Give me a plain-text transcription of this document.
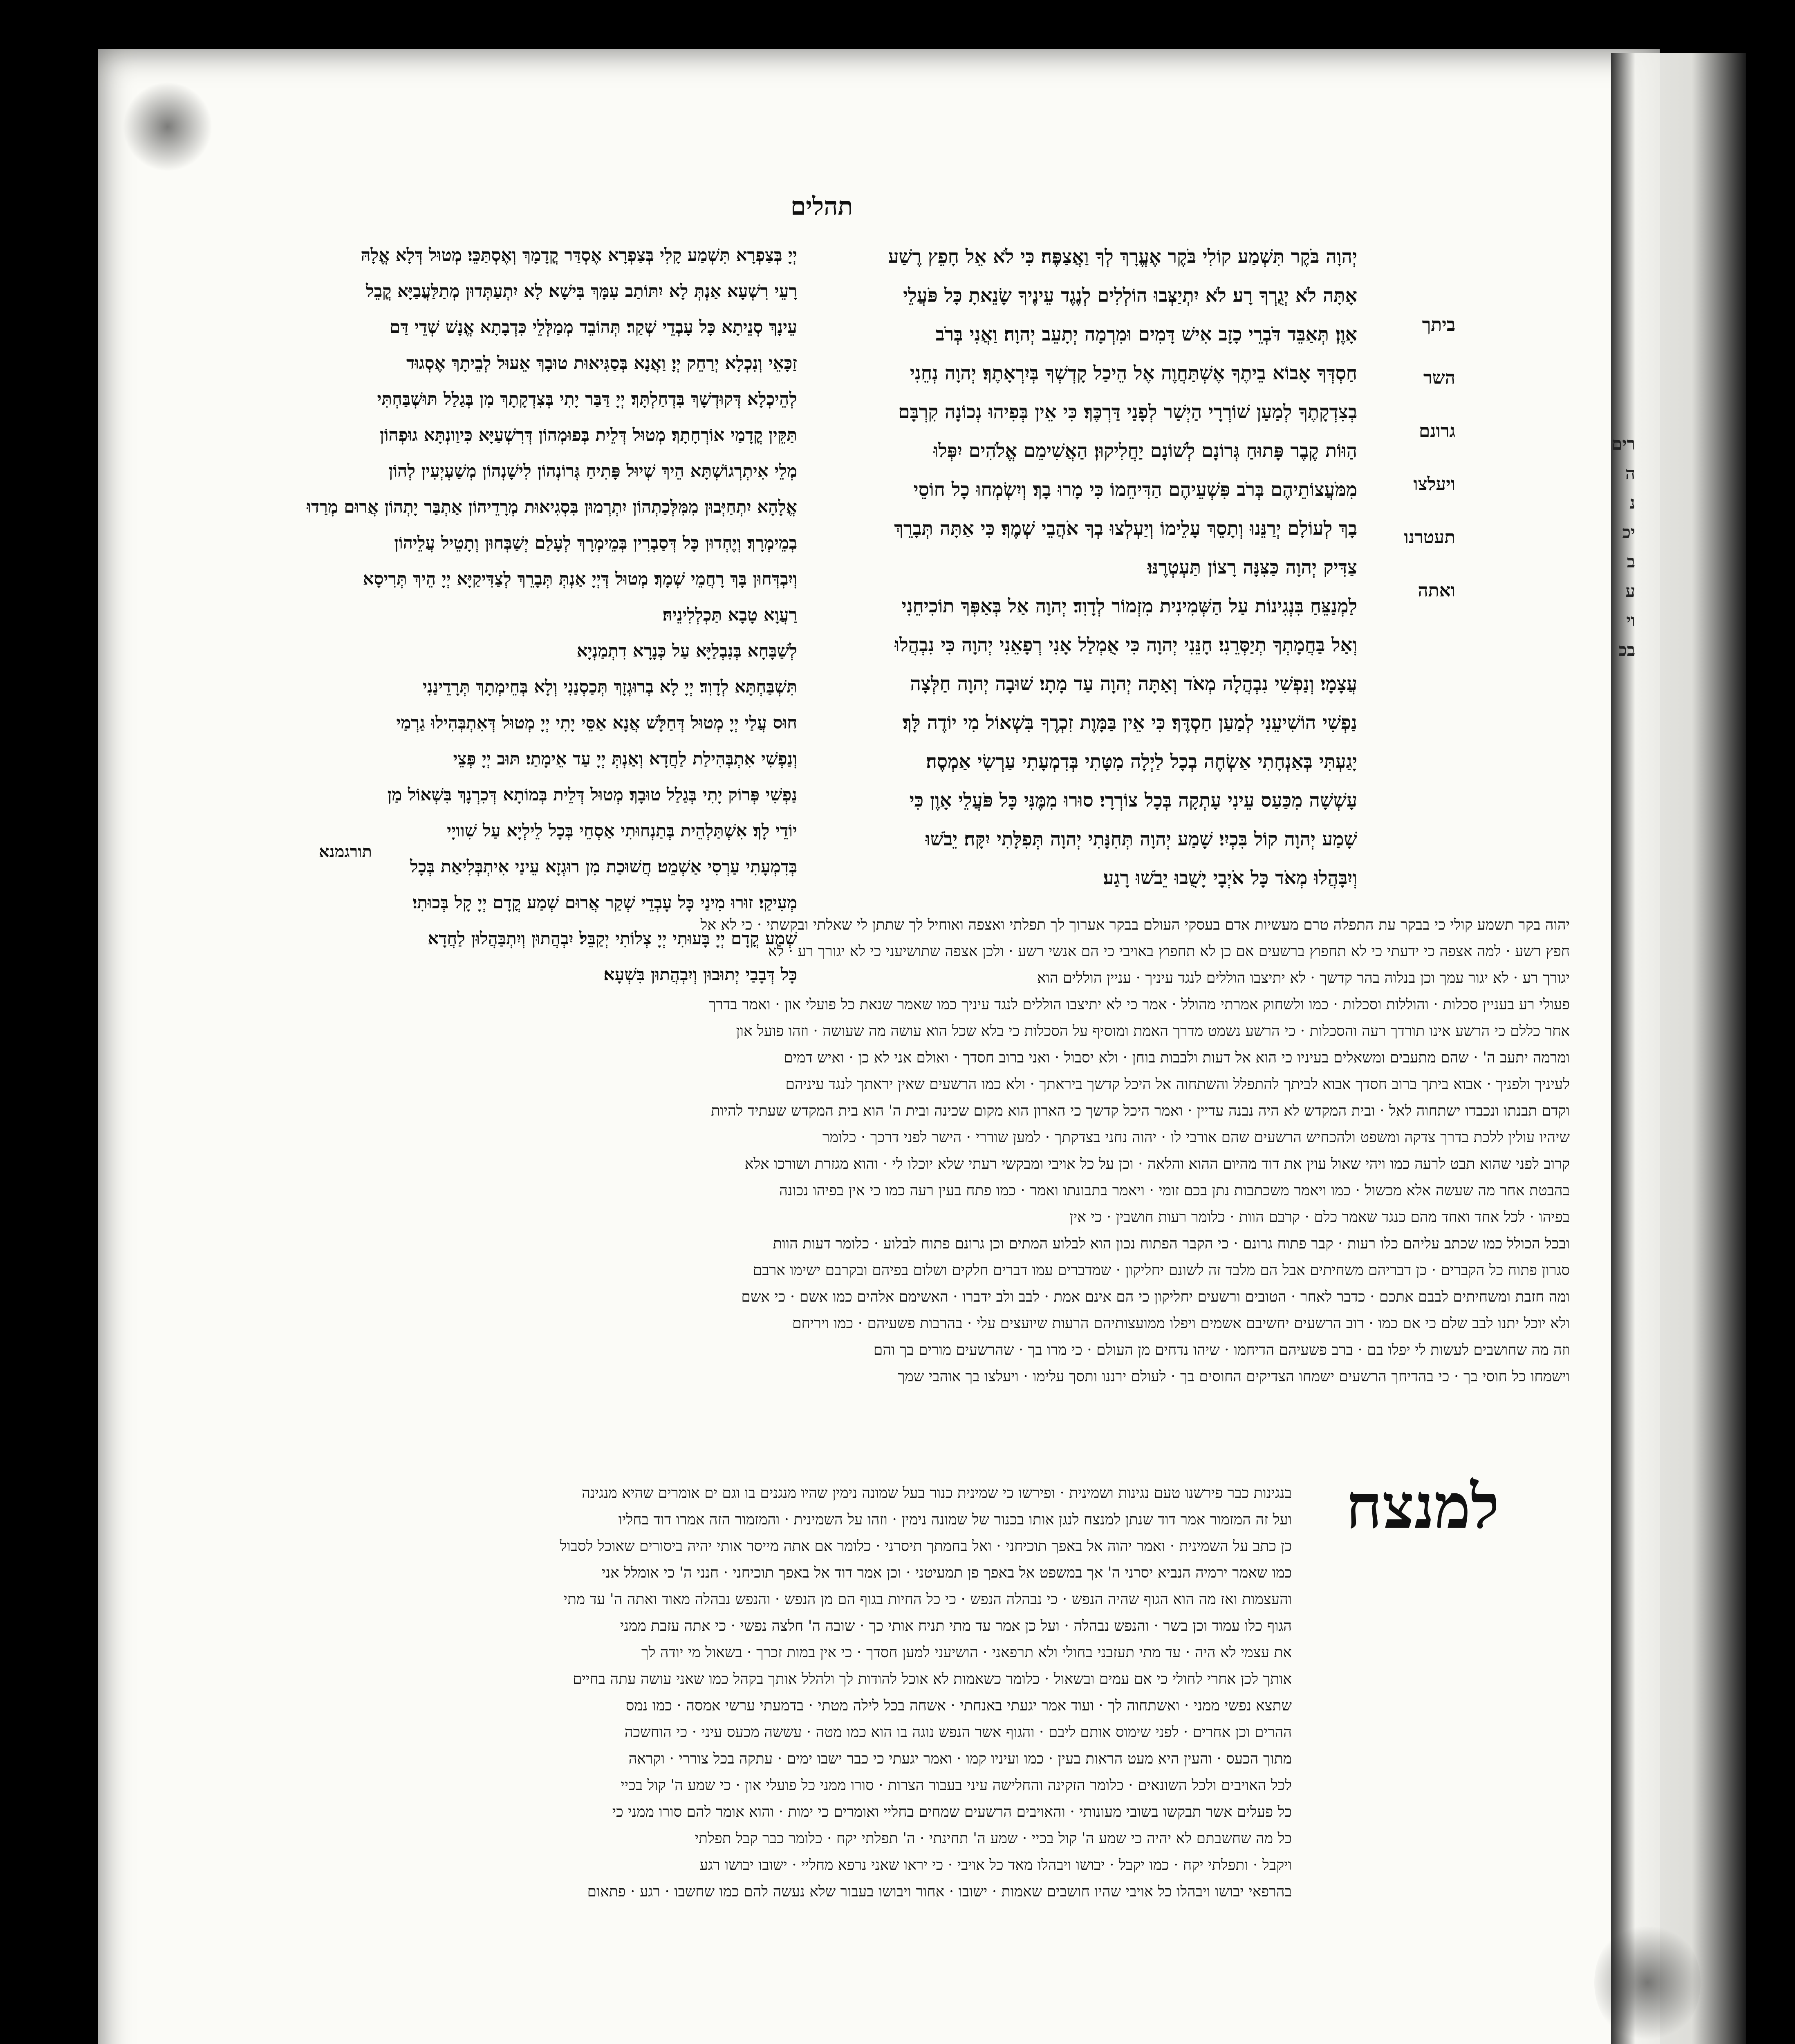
תהלים
יְהוָה בֹּקֶר תִּשְׁמַע קוֹלִי בֹּקֶר אֶעֱרָךְ לְךָ וַאֲצַפֶּה׃ כִּי לֹא אֵל חָפֵץ רֶשַׁע
אָתָּה לֹא יְגֻרְךָ רָע׃ לֹא יִתְיַצְּבוּ הוֹלְלִים לְנֶגֶד עֵינֶיךָ שָׂנֵאתָ כָּל פֹּעֲלֵי
אָוֶן׃ תְּאַבֵּד דֹּבְרֵי כָזָב אִישׁ דָּמִים וּמִרְמָה יְתָעֵב יְהוָה׃ וַאֲנִי בְּרֹב
חַסְדְּךָ אָבוֹא בֵיתֶךָ אֶשְׁתַּחֲוֶה אֶל הֵיכַל קָדְשְׁךָ בְּיִרְאָתֶךָ׃ יְהוָה נְחֵנִי
בְצִדְקָתֶךָ לְמַעַן שׁוֹרְרָי הַיְשַׁר לְפָנַי דַּרְכֶּךָ׃ כִּי אֵין בְּפִיהוּ נְכוֹנָה קִרְבָּם
הַוּוֹת קֶבֶר פָּתוּחַ גְּרוֹנָם לְשׁוֹנָם יַחֲלִיקוּן׃ הַאֲשִׁימֵם אֱלֹהִים יִפְּלוּ
מִמֹּעֲצוֹתֵיהֶם בְּרֹב פִּשְׁעֵיהֶם הַדִּיחֵמוֹ כִּי מָרוּ בָךְ׃ וְיִשְׂמְחוּ כָל חוֹסֵי
בָךְ לְעוֹלָם יְרַנֵּנוּ וְתָסֵךְ עָלֵימוֹ וְיַעְלְצוּ בְךָ אֹהֲבֵי שְׁמֶךָ׃ כִּי אַתָּה תְּבָרֵךְ
צַדִּיק יְהוָה כַּצִּנָּה רָצוֹן תַּעְטְרֶנּוּ׃
לַמְנַצֵּחַ בִּנְגִינוֹת עַל הַשְּׁמִינִית מִזְמוֹר לְדָוִד׃ יְהוָה אַל בְּאַפְּךָ תוֹכִיחֵנִי
וְאַל בַּחֲמָתְךָ תְיַסְּרֵנִי׃ חָנֵּנִי יְהוָה כִּי אֻמְלַל אָנִי רְפָאֵנִי יְהוָה כִּי נִבְהֲלוּ
עֲצָמָי׃ וְנַפְשִׁי נִבְהֲלָה מְאֹד וְאַתָּה יְהוָה עַד מָתָי׃ שׁוּבָה יְהוָה חַלְּצָה
נַפְשִׁי הוֹשִׁיעֵנִי לְמַעַן חַסְדֶּךָ׃ כִּי אֵין בַּמָּוֶת זִכְרֶךָ בִּשְׁאוֹל מִי יוֹדֶה לָּךְ׃
יָגַעְתִּי בְּאַנְחָתִי אַשְׂחֶה בְכָל לַיְלָה מִטָּתִי בְּדִמְעָתִי עַרְשִׂי אַמְסֶה׃
עָשְׁשָׁה מִכַּעַס עֵינִי עָתְקָה בְּכָל צוֹרְרָי׃ סוּרוּ מִמֶּנִּי כָּל פֹּעֲלֵי אָוֶן כִּי
שָׁמַע יְהוָה קוֹל בִּכְיִי׃ שָׁמַע יְהוָה תְּחִנָּתִי יְהוָה תְּפִלָּתִי יִקָּח׃ יֵבֹשׁוּ
וְיִבָּהֲלוּ מְאֹד כָּל אֹיְבָי יָשֻׁבוּ יֵבֹשׁוּ רָגַע׃
יְיָ בְּצַפְרָא תִּשְׁמַע קָלִי בְּצַפְרָא אֶסְדַּר קֳדָמָךְ וְאֶסְתַּכֵּי׃ מְטוּל דְּלָא אֱלָהּ
רָעֵי רִשְׁעָא אַנְתְּ לָא יִתּוֹתַב עִמָּךְ בִּישָׁא׃ לָא יִתְעַתְּדוּן מְתַלַּעֲבַיָּא קֳבֵל
עֵינָךְ סְנֵיתָא כָּל עָבְדֵי שְׁקַר׃ תְּהוֹבֵד מְמַלְּלֵי כִּדְבָתָא אֱנָשׁ שְׁדֵי דַּם
זַכָּאֵי וְנִכְלָא יְרַחֵק יְיָ׃ וַאֲנָא בְּסַגִּיאוּת טוּבָךְ אֵעוּל לְבֵיתָךְ אֶסְגוּד
לְהֵיכְלָא דְּקוּדְשָׁךְ בִּדְחַלְתָּךְ׃ יְיָ דַּבַּר יָתִי בְּצִדְקָתָךְ מִן בְּגַלַל תּוּשְׁבַּחְתִּי
תַּקֵּין קֳדָמַי אוֹרְחָתָךְ׃ מְטוּל דְּלֵית בְּפוּמְהוֹן דְּרִשְׁעַיָּא כִּיוַונְתָּא גוּפְהוֹן
מְלֵי אִיתְרְגוֹשְׁתָּא הֵיךְ שְׁיוּל פָּתִיחַ גְּרוֹנְהוֹן לִישָׁנְהוֹן מְשַׁעְיְעִין לְהוֹן
אֱלָהָא יִתְחַיְּבוּן מִמִּלְּכַתְהוֹן יִתְרְמוּן בִּסְגִיאוּת מְרָדֵיהוֹן אַתְבַּר יָתְהוֹן אֲרוּם מְרַדוּ
בְמֵימְרָךְ׃ וְיֶחְדוּן כָּל דְּסַבְרִין בְּמֵימְרָךְ לְעָלַם יְשַׁבְּחוּן וְתָטֵיל עֲלֵיהוֹן
וְיִבְדְּחוּן בָּךְ רָחֲמֵי שְׁמָךְ׃ מְטוּל דְּיְיָ אַנְתְּ תְּבָרֵךְ לְצַדִּיקַיָּא יְיָ הֵיךְ תְּרִיסָא
רַעֲוָא טָבָא תַּכְלְלִינֵיהּ׃
לְשַׁבָּחָא בְּנִבְלַיָּא עַל כְּנָרָא דִתְמַנְיָא
תִּשְׁבַּחְתָּא לְדָוִד׃ יְיָ לָא בְרוּגְזָךְ תְּכַסְנַנִי וְלָא בְּחֵימְתָךְ תְּרָדֵינַנִי
חוּס עֲלַי יְיָ מְטוּל דְּחַלָּשׁ אֲנָא אַסֵּי יָתִי יְיָ מְטוּל דְּאִתְבְּהִילוּ גַרְמַי
וְנַפְשִׁי אִתְבְּהִילַת לַחֲדָא וְאַנְתְּ יְיָ עַד אֵימָתַי׃ תּוּב יְיָ פְּצֵי
נַפְשִׁי פְּרוֹק יָתִי בְּגַלַל טוּבָךְ׃ מְטוּל דְּלֵית בְּמוֹתָא דְּכִרְנָךְ בִּשְׁאוֹל מַן
יוֹדֵי לָךְ׃ אִשְׁתַּלְהֵית בְּתַנְחוּתִי אַסְחֵי בְּכָל לֵילְיָא עַל שִׁוויָי
בְּדִמְעָתִי עַרְסִי אַשְׁמֵט׃ חֲשׁוּכַת מִן רוּגְזָא עֵינַי אִיתְבְּלִיאַת בְּכָל
מְעִיקַי׃ זוּרוּ מִינַי כָּל עָבְדֵי שְׁקַר אֲרוּם שְׁמַע קֳדָם יְיָ קָל בְּכוּתִי׃
שְׁמַע קֳדָם יְיָ בָּעוּתִי יְיָ צְלוֹתִי יְקַבֵּל׃ יִבְהֲתוּן וְיִתְבַּהֲלוּן לַחֲדָא
כָּל דְּבָבַי יְתוּבוּן וְיִבְהֲתוּן בִּשְׁעָא׃
תורגמנא
ביתך
השר
גרונם
ויעלצו
תעטרנו
ואתה
רים
ה
נ
יכ
ב
ע
וי
בכ
יהוה בקר תשמע קולי כי בבקר עת התפלה טרם מעשיות אדם בעסקי העולם בבקר אערוך לך תפלתי ואצפה ואוחיל לך שתתן לי שאלתי ובקשתי · כי לא אל
חפץ רשע · למה אצפה כי ידעתי כי לא תחפוץ ברשעים אם כן לא תחפוץ באויבי כי הם אנשי רשע · ולכן אצפה שתושיעני כי לא יגורך רע · לא
יגורך רע · לא יגור עמך וכן בנלוה בהר קדשך · לא יתיצבו הוללים לנגד עיניך · עניין הוללים הוא
פעולי רע בעניין סכלות · והוללות וסכלות · כמו ולשחוק אמרתי מהולל · אמר כי לא יתיצבו הוללים לנגד עיניך כמו שאמר שנאת כל פועלי און · ואמר בדרך
אחר כללם כי הרשע אינו תורדך רעה והסכלות · כי הרשע נשמט מדרך האמת ומוסיף על הסכלות כי בלא שכל הוא עושה מה שעושה · וזהו פועל און
ומרמה יתעב ה' · שהם מתעבים ומשאלים בעיניו כי הוא אל דעות ולבבות בוחן · ולא יסבול · ואני ברוב חסדך · ואולם אני לא כן · ואיש דמים
לעיניך ולפניך · אבוא ביתך ברוב חסדך אבוא לביתך להתפלל והשתחוה אל היכל קדשך ביראתך · ולא כמו הרשעים שאין יראתך לנגד עיניהם
וקדם תבנתו ונכבדו ישתחוה לאל · ובית המקדש לא היה נבנה עדיין · ואמר היכל קדשך כי הארון הוא מקום שכינה ובית ה' הוא בית המקדש שעתיד להיות
שיהיו עולין ללכת בדרך צדקה ומשפט ולהכחיש הרשעים שהם אורבי לו · יהוה נחני בצדקתך · למען שוררי · הישר לפני דרכך · כלומר
קרוב לפני שהוא תבט לרעה כמו ויהי שאול עוין את דוד מהיום ההוא והלאה · וכן על כל אויבי ומבקשי רעתי שלא יוכלו לי · והוא מגזרת ושורכו אלא
בהבטת אחר מה שעשה אלא מכשול · כמו ויאמר משכתבות נתן בכם זומי · ויאמר בתבונתו ואמר · כמו פתח בעין רעה כמו כי אין בפיהו נכונה
בפיהו · לכל אחד ואחד מהם כנגד שאמר כלם · קרבם הוות · כלומר רעות חושבין · כי אין
ובכל הכולל כמו שכתב עליהם כלו רעות · קבר פתוח גרונם · כי הקבר הפתוח נכון הוא לבלוע המתים וכן גרונם פתוח לבלוע · כלומר דעות הוות
סגרון פתוח כל הקברים · כן דבריהם משחיתים אבל הם מלבד זה לשונם יחליקון · שמדברים עמו דברים חלקים ושלום בפיהם ובקרבם ישימו ארבם
ומה חזבת ומשחיתים לבבם אתכם · כדבר לאחר · הטובים ורשעים יחליקון כי הם אינם אמת · לבב ולב ידברו · האשימם אלהים כמו אשם · כי אשם
ולא יוכל יתנו לבב שלם כי אם כמו · רוב הרשעים יחשיבם אשמים ויפלו ממועצותיהם הרעות שיועצים עלי · בהרבות פשעיהם · כמו ויריחם
וזה מה שחושבים לעשות לי יפלו בם · ברב פשעיהם הדיחמו · שיהו נדחים מן העולם · כי מרו בך · שהרשעים מורים בך והם
וישמחו כל חוסי בך · כי בהדיחך הרשעים ישמחו הצדיקים החוסים בך · לעולם ירננו ותסך עלימו · ויעלצו בך אוהבי שמך
למנצח
בנגינות כבר פירשנו טעם נגינות ושמינית · ופירשו כי שמינית כנור בעל שמונה נימין שהיו מנגנים בו וגם ים אומרים שהיא מנגינה
ועל זה המזמור אמר דוד שנתן למנצח לנגן אותו בכנור של שמונה נימין · וזהו על השמינית · והמזמור הזה אמרו דוד בחליו
כן כתב על השמינית · ואמר יהוה אל באפך תוכיחני · ואל בחמתך תיסרני · כלומר אם אתה מייסר אותי יהיה ביסורים שאוכל לסבול
כמו שאמר ירמיה הנביא יסרני ה' אך במשפט אל באפך פן תמעיטני · וכן אמר דוד אל באפך תוכיחני · חנני ה' כי אומלל אני
והעצמות ואז מה הוא הגוף שהיה הנפש · כי נבהלה הנפש · כי כל החיות בגוף הם מן הנפש · והנפש נבהלה מאוד ואתה ה' עד מתי
הגוף כלו עמוד וכן בשר · והנפש נבהלה · ועל כן אמר עד מתי תניח אותי כך · שובה ה' חלצה נפשי · כי אתה עזבת ממני
את עצמי לא היה · עד מתי תעזבני בחולי ולא תרפאני · הושיעני למען חסדך · כי אין במות זכרך · בשאול מי יודה לך
אותך לכן אחרי לחולי כי אם עמים ובשאול · כלומר כשאמות לא אוכל להודות לך ולהלל אותך בקהל כמו שאני עושה עתה בחיים
שתצא נפשי ממני · ואשתחוה לך · ועוד אמר יגעתי באנחתי · אשחה בכל לילה מטתי · בדמעתי ערשי אמסה · כמו נמס
ההרים וכן אחרים · לפני שימוס אותם ליבם · והגוף אשר הנפש נוגה בו הוא כמו מטה · עששה מכעס עיני · כי הוחשכה
מתוך הכעס · והעין היא מעט הראות בעין · כמו ועיניו קמו · ואמר יגעתי כי כבר ישבו ימים · עתקה בכל צוררי · וקראה
לכל האויבים ולכל השונאים · כלומר הזקינה והחלישה עיני בעבור הצרות · סורו ממני כל פועלי און · כי שמע ה' קול בכיי
כל פעלים אשר תבקשו בשובי מעונותי · והאויבים הרשעים שמחים בחליי ואומרים כי ימות · והוא אומר להם סורו ממני כי
כל מה שחשבתם לא יהיה כי שמע ה' קול בכיי · שמע ה' תחינתי · ה' תפלתי יקח · כלומר כבר קבל תפלתי
ויקבל · ותפלתי יקח · כמו יקבל · יבושו ויבהלו מאד כל אויבי · כי יראו שאני נרפא מחליי · ישובו יבושו רגע
בהרפאי יבושו ויבהלו כל אויבי שהיו חושבים שאמות · ישובו · אחור ויבושו בעבור שלא נעשה להם כמו שחשבו · רגע · פתאום
